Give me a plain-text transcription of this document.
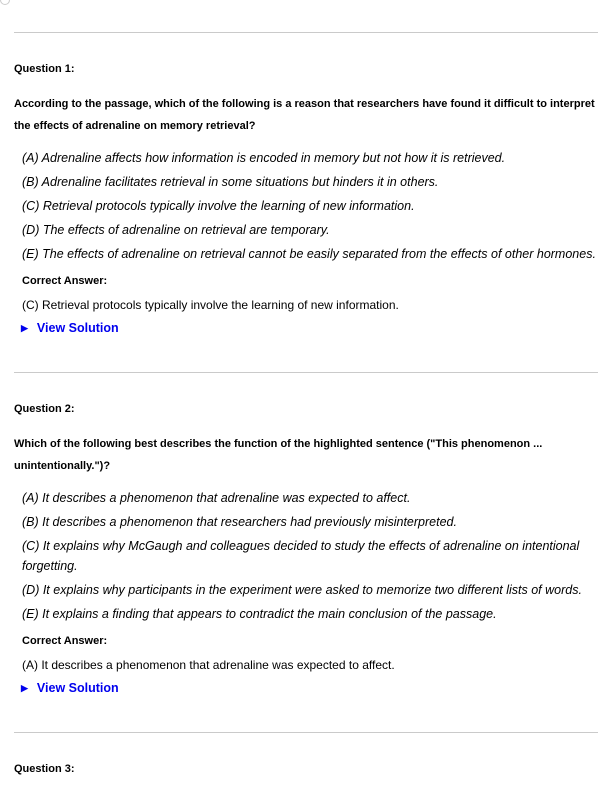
Question 1:
According to the passage, which of the following is a reason that researchers have found it difficult to interpret the effects of adrenaline on memory retrieval?
(A) Adrenaline affects how information is encoded in memory but not how it is retrieved.
(B) Adrenaline facilitates retrieval in some situations but hinders it in others.
(C) Retrieval protocols typically involve the learning of new information.
(D) The effects of adrenaline on retrieval are temporary.
(E) The effects of adrenaline on retrieval cannot be easily separated from the effects of other hormones.
Correct Answer:
(C) Retrieval protocols typically involve the learning of new information.
▶ View Solution
Question 2:
Which of the following best describes the function of the highlighted sentence ("This phenomenon ... unintentionally.")?
(A) It describes a phenomenon that adrenaline was expected to affect.
(B) It describes a phenomenon that researchers had previously misinterpreted.
(C) It explains why McGaugh and colleagues decided to study the effects of adrenaline on intentional forgetting.
(D) It explains why participants in the experiment were asked to memorize two different lists of words.
(E) It explains a finding that appears to contradict the main conclusion of the passage.
Correct Answer:
(A) It describes a phenomenon that adrenaline was expected to affect.
▶ View Solution
Question 3:
